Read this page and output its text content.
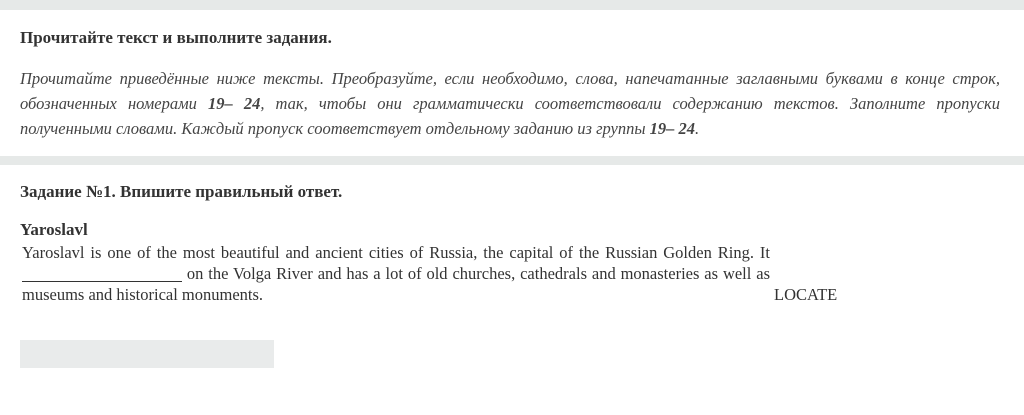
Прочитайте текст и выполните задания.
Прочитайте приведённые ниже тексты. Преобразуйте, если необходимо, слова, напечатанные заглавными буквами в конце строк, обозначенных номерами 19– 24, так, чтобы они грамматически соответствовали содержанию текстов. Заполните пропуски полученными словами. Каждый пропуск соответствует отдельному заданию из группы 19– 24.
Задание №1. Впишите правильный ответ.
Yaroslavl
Yaroslavl is one of the most beautiful and ancient cities of Russia, the capital of the Russian Golden Ring. It  on the Volga River and has a lot of old churches, cathedrals and monasteries as well as museums and historical monuments.	LOCATE
